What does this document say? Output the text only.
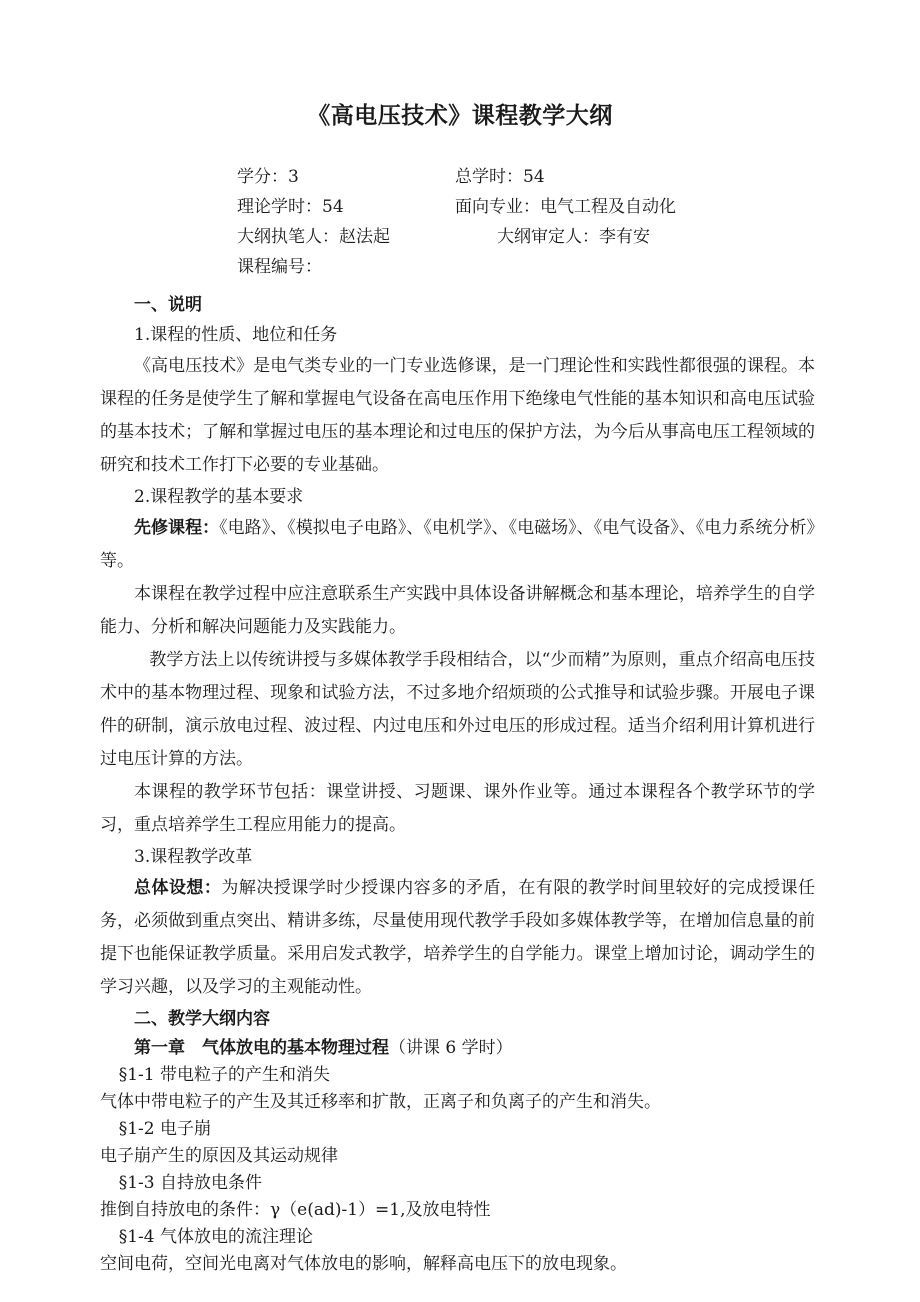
《高电压技术》课程教学大纲
学分：3	总学时：54
理论学时：54	面向专业：电气工程及自动化
大纲执笔人：赵法起	大纲审定人：李有安
课程编号：
一、说明
1.课程的性质、地位和任务

《高电压技术》是电气类专业的一门专业选修课，是一门理论性和实践性都很强的课程。本课程的任务是使学生了解和掌握电气设备在高电压作用下绝缘电气性能的基本知识和高电压试验的基本技术；了解和掌握过电压的基本理论和过电压的保护方法，为今后从事高电压工程领域的研究和技术工作打下必要的专业基础。

2.课程教学的基本要求

先修课程：《电路》、《模拟电子电路》、《电机学》、《电磁场》、《电气设备》、《电力系统分析》等。

本课程在教学过程中应注意联系生产实践中具体设备讲解概念和基本理论，培养学生的自学能力、分析和解决问题能力及实践能力。

教学方法上以传统讲授与多媒体教学手段相结合，以“少而精”为原则，重点介绍高电压技术中的基本物理过程、现象和试验方法，不过多地介绍烦琐的公式推导和试验步骤。开展电子课件的研制，演示放电过程、波过程、内过电压和外过电压的形成过程。适当介绍利用计算机进行过电压计算的方法。

本课程的教学环节包括：课堂讲授、习题课、课外作业等。通过本课程各个教学环节的学习，重点培养学生工程应用能力的提高。

3.课程教学改革

总体设想：为解决授课学时少授课内容多的矛盾，在有限的教学时间里较好的完成授课任务，必须做到重点突出、精讲多练，尽量使用现代教学手段如多媒体教学等，在增加信息量的前提下也能保证教学质量。采用启发式教学，培养学生的自学能力。课堂上增加讨论，调动学生的学习兴趣，以及学习的主观能动性。

二、教学大纲内容
第一章　气体放电的基本物理过程（讲课 6 学时）
§1-1 带电粒子的产生和消失
气体中带电粒子的产生及其迁移率和扩散，正离子和负离子的产生和消失。
§1-2 电子崩
电子崩产生的原因及其运动规律
§1-3 自持放电条件
推倒自持放电的条件：γ（e(ad)-1）=1,及放电特性
§1-4 气体放电的流注理论
空间电荷，空间光电离对气体放电的影响，解释高电压下的放电现象。
